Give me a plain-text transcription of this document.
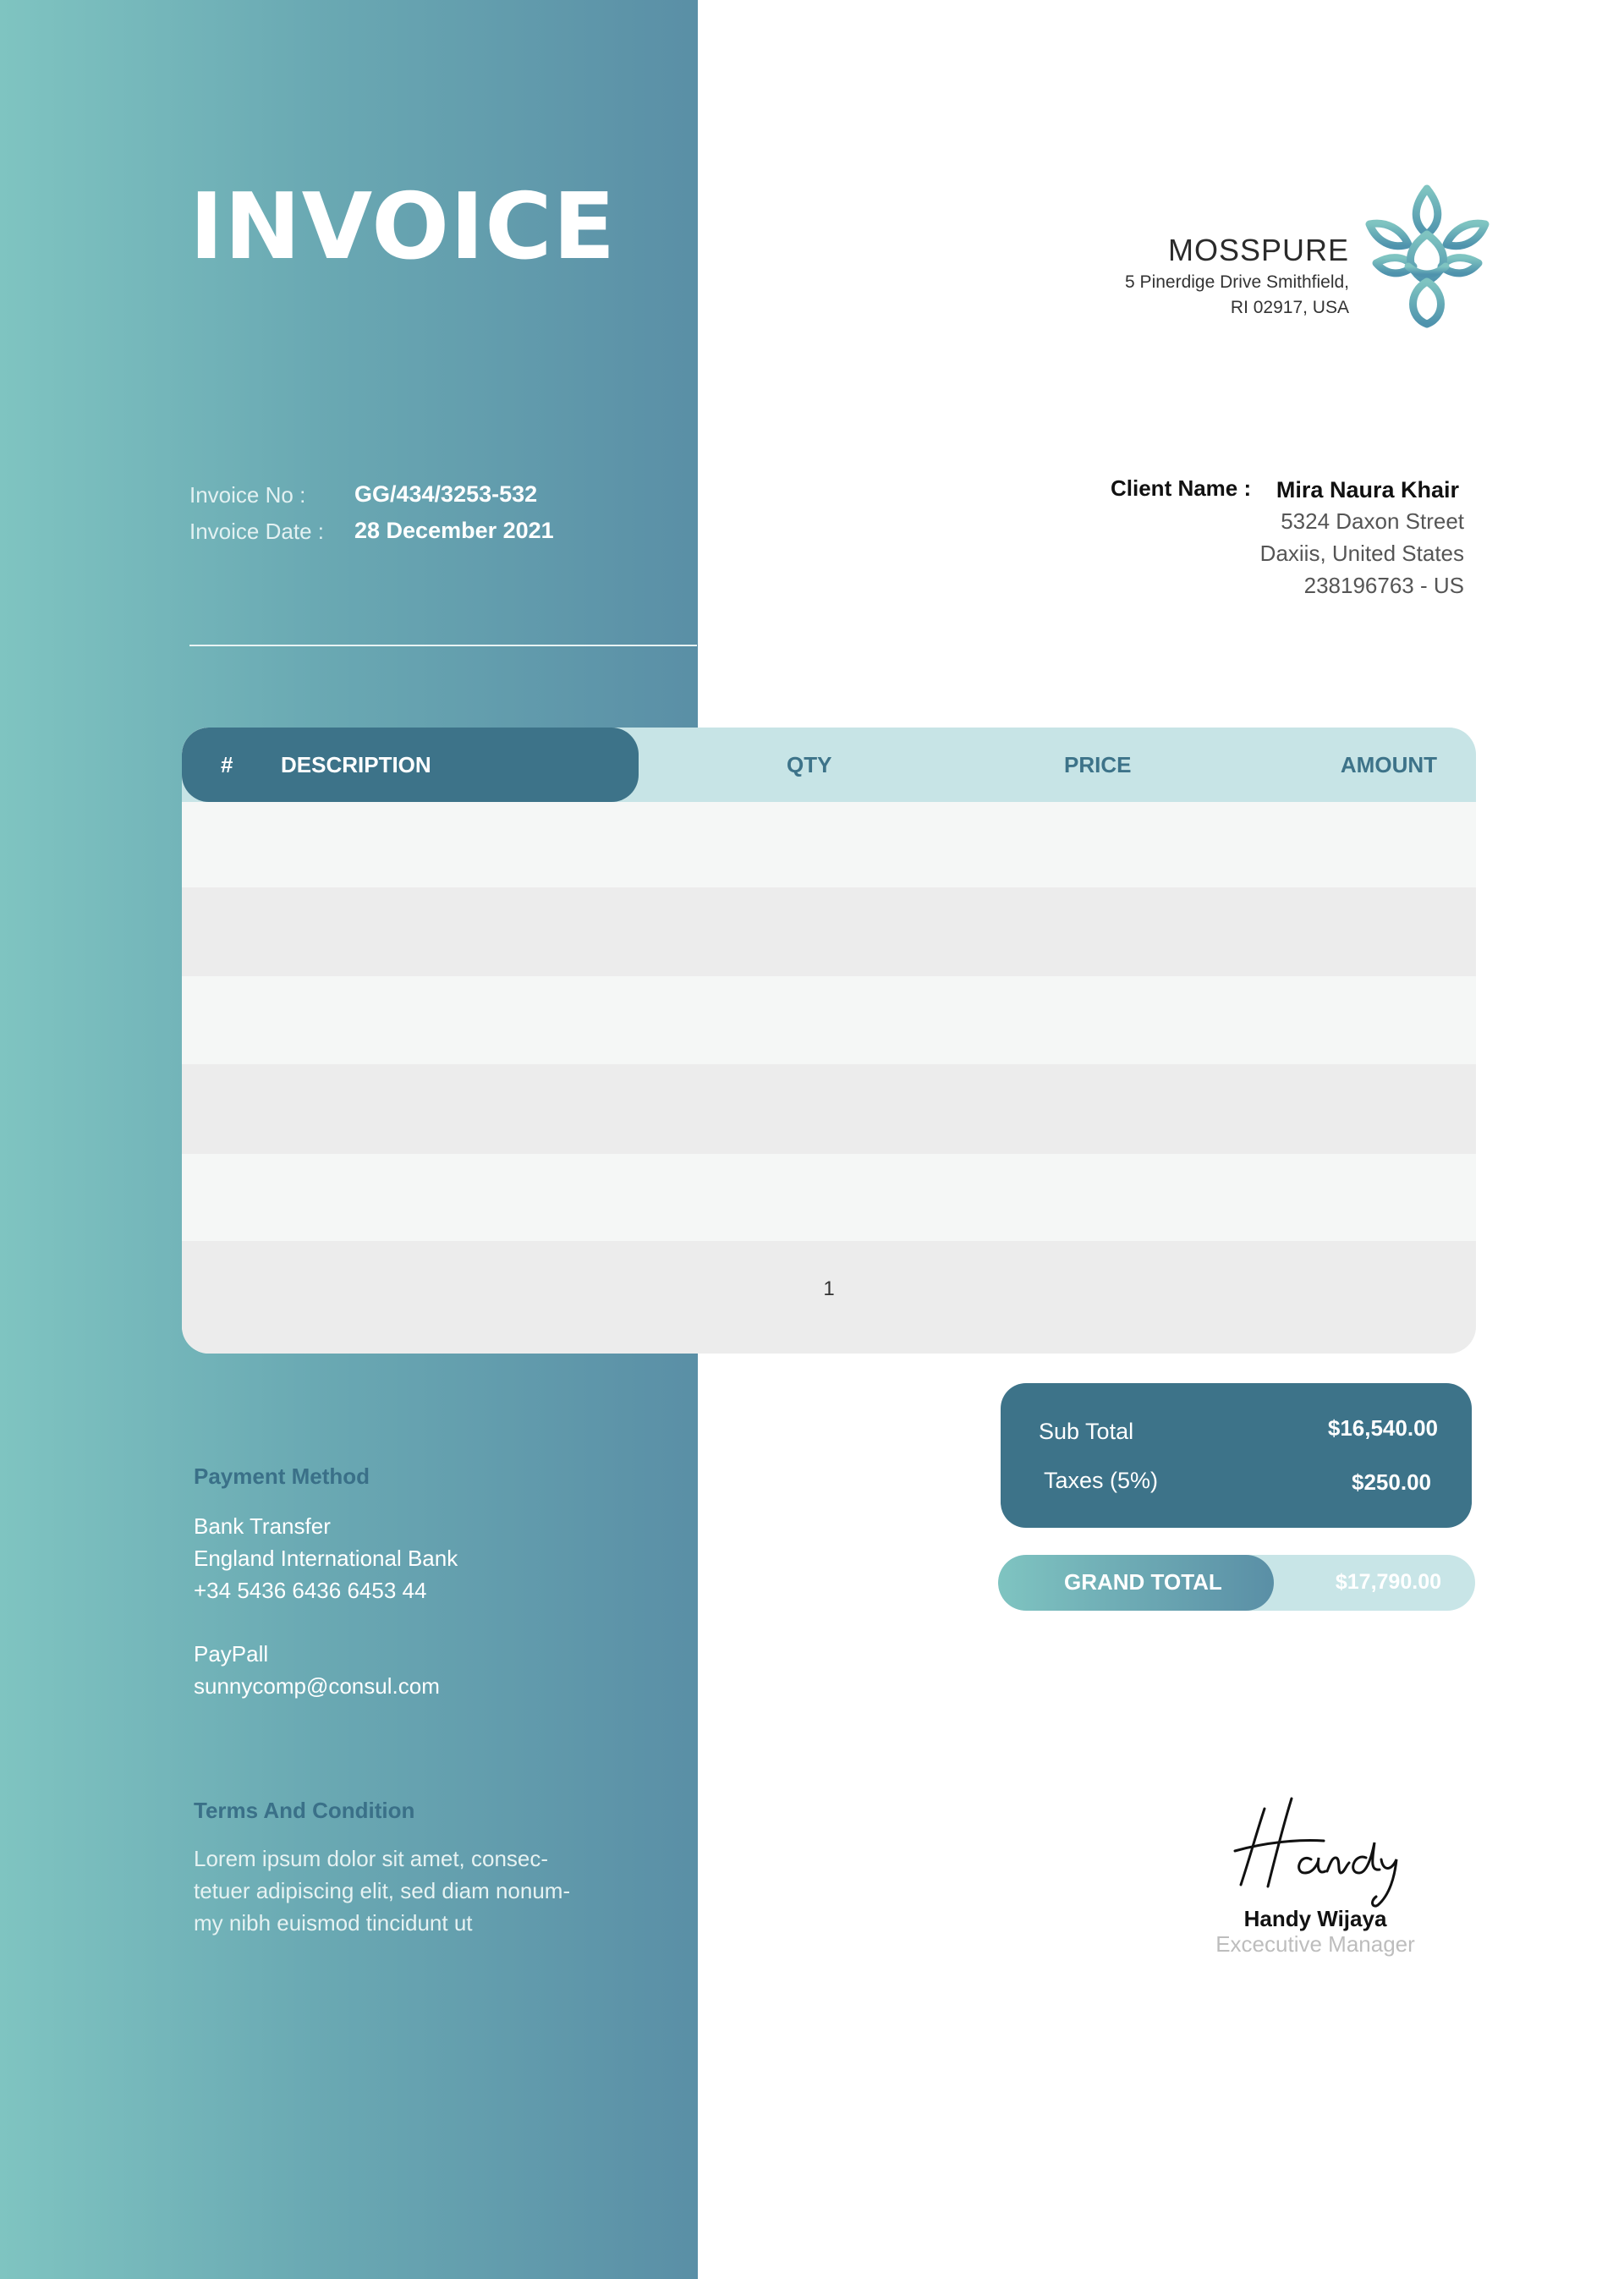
INVOICE
Invoice No : GG/434/3253-532
Invoice Date : 28 December 2021
MOSSPURE
5 Pinerdige Drive Smithfield,
RI 02917, USA
Client Name : Mira Naura Khair
5324 Daxon Street
Daxiis, United States
238196763 - US
# DESCRIPTION	QTY	PRICE	AMOUNT
1
Sub Total	$16,540.00
Taxes (5%)	$250.00
GRAND TOTAL	$17,790.00
Payment Method
Bank Transfer
England International Bank
+34 5436 6436 6453 44
PayPall
sunnycomp@consul.com
Terms And Condition
Lorem ipsum dolor sit amet, consec-
tetuer adipiscing elit, sed diam nonum-
my nibh euismod tincidunt ut	Handy Wijaya
Excecutive Manager
